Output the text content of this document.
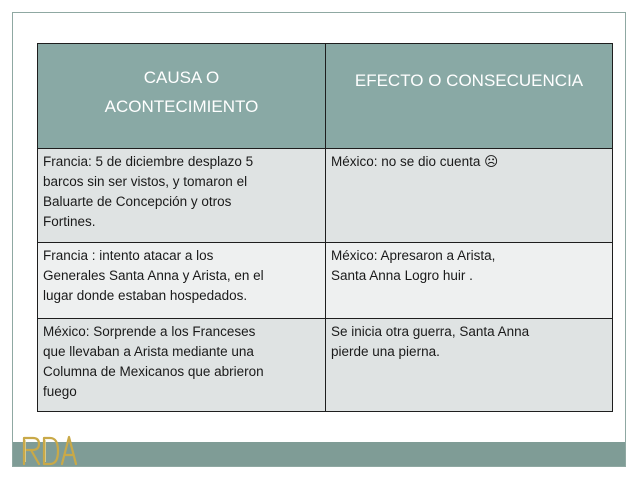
CAUSA O
ACONTECIMIENTO	EFECTO O CONSECUENCIA

Francia: 5 de diciembre desplazo 5
barcos sin ser vistos, y tomaron el
Baluarte de Concepción y otros
Fortines.	México: no se dio cuenta ☹

Francia : intento atacar a los
Generales Santa Anna y Arista, en el
lugar donde estaban hospedados.	México: Apresaron a Arista,
Santa Anna Logro huir .

México: Sorprende a los Franceses
que llevaban a Arista mediante una
Columna de Mexicanos que abrieron
fuego	Se inicia otra guerra, Santa Anna
pierde una pierna.
